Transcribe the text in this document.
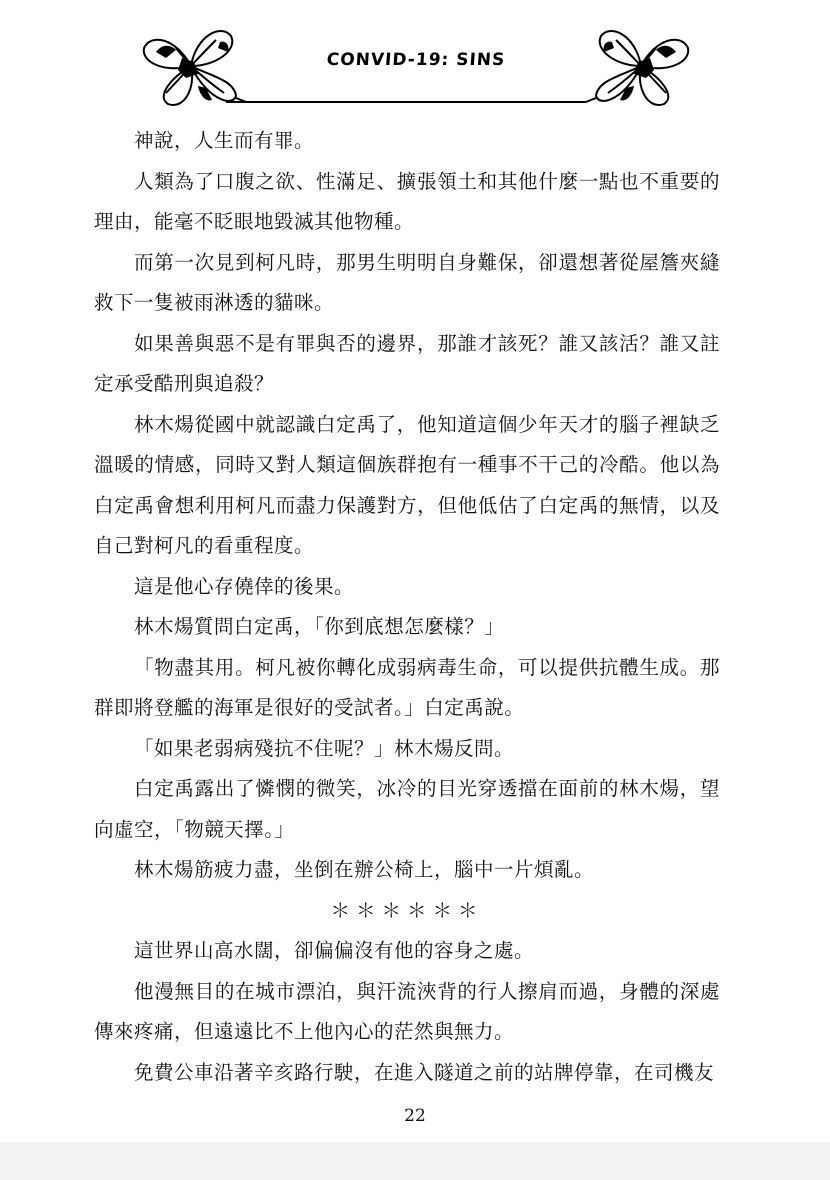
CONVID-19: SINS

神說，人生而有罪。

人類為了口腹之欲、性滿足、擴張領土和其他什麼一點也不重要的理由，能毫不眨眼地毀滅其他物種。

而第一次見到柯凡時，那男生明明自身難保，卻還想著從屋簷夾縫救下一隻被雨淋透的貓咪。

如果善與惡不是有罪與否的邊界，那誰才該死？誰又該活？誰又註定承受酷刑與追殺？

林木煬從國中就認識白定禹了，他知道這個少年天才的腦子裡缺乏溫暖的情感，同時又對人類這個族群抱有一種事不干己的冷酷。他以為白定禹會想利用柯凡而盡力保護對方，但他低估了白定禹的無情，以及自己對柯凡的看重程度。

這是他心存僥倖的後果。

林木煬質問白定禹，「你到底想怎麼樣？」

「物盡其用。柯凡被你轉化成弱病毒生命，可以提供抗體生成。那群即將登艦的海軍是很好的受試者。」白定禹說。

「如果老弱病殘抗不住呢？」林木煬反問。

白定禹露出了憐憫的微笑，冰冷的目光穿透擋在面前的林木煬，望向虛空，「物競天擇。」

林木煬筋疲力盡，坐倒在辦公椅上，腦中一片煩亂。

＊＊＊＊＊＊

這世界山高水闊，卻偏偏沒有他的容身之處。

他漫無目的在城市漂泊，與汗流浹背的行人擦肩而過，身體的深處傳來疼痛，但遠遠比不上他內心的茫然與無力。

免費公車沿著辛亥路行駛，在進入隧道之前的站牌停靠，在司機友

22
